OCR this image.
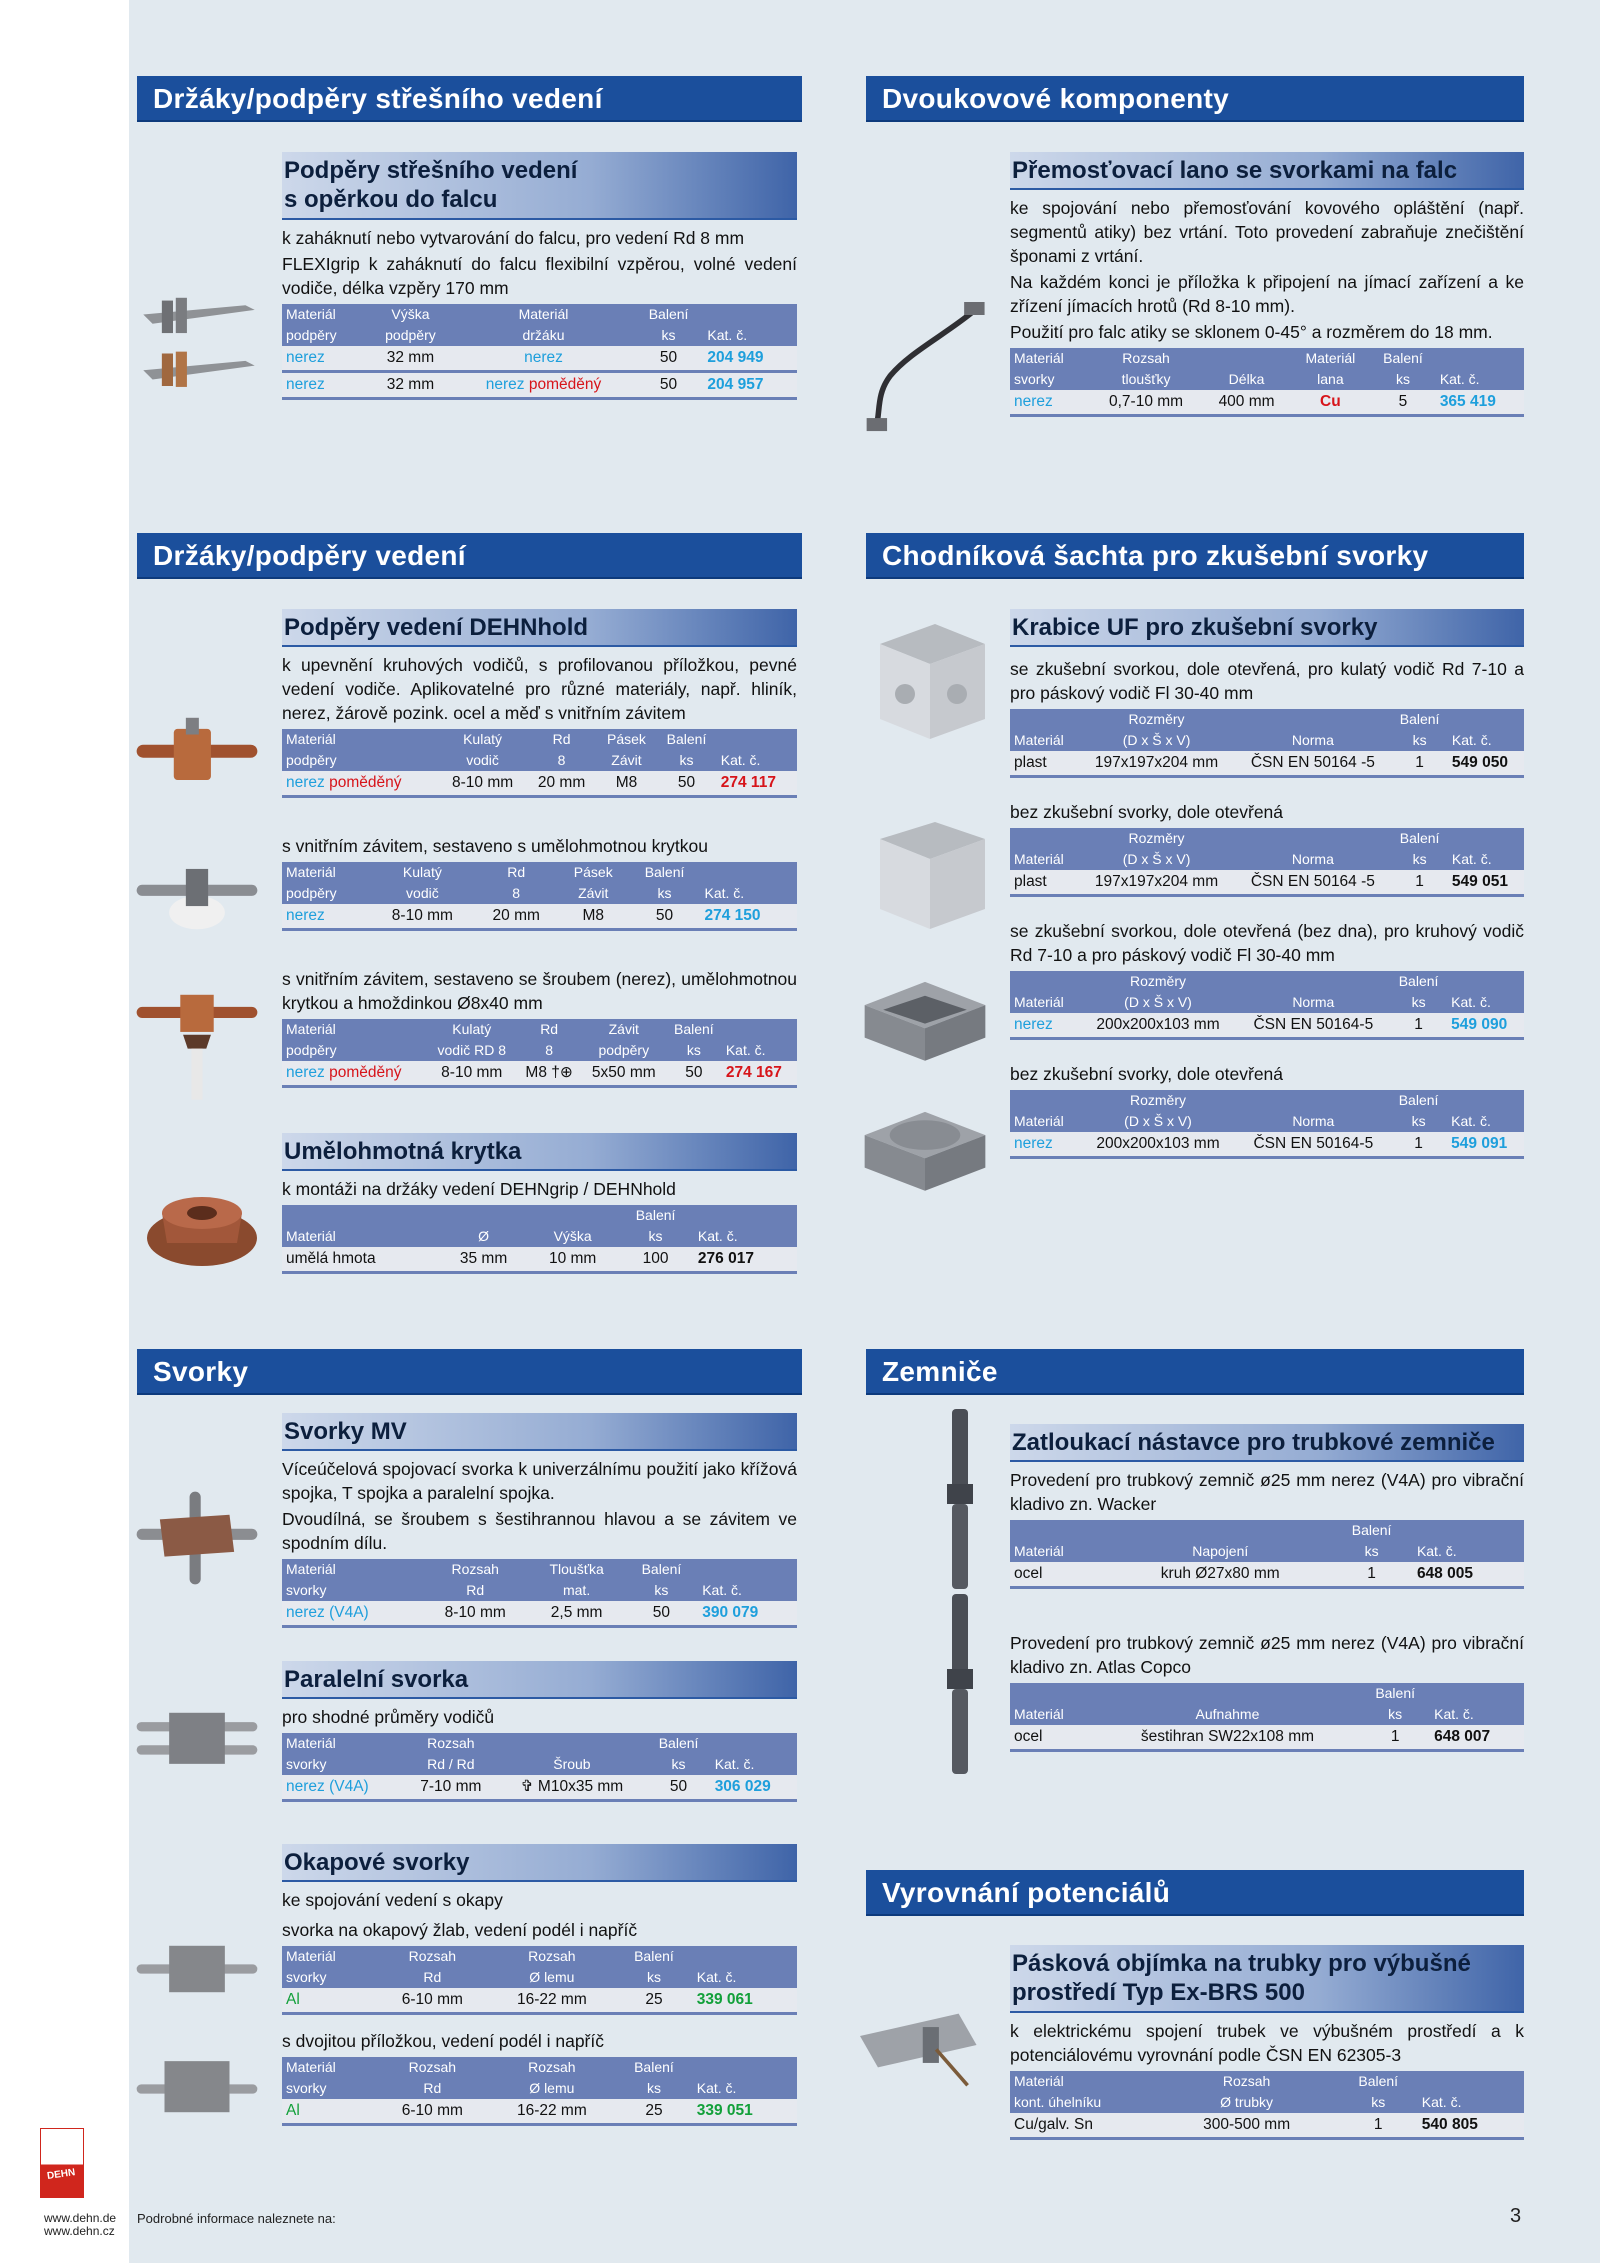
Držáky/podpěry střešního vedení
Podpěry střešního vedení
s opěrkou do falcu
k zaháknutí nebo vytvarování do falcu, pro vedení Rd 8 mm
FLEXIgrip k zaháknutí do falcu flexibilní vzpěrou, volné vedení vodiče, délka vzpěry 170 mm
Materiál	Výška	Materiál	Balení	
podpěry	podpěry	držáku	ks	Kat. č.
nerez	32 mm	nerez	50	204 949
nerez	32 mm	nerez poměděný	50	204 957
Držáky/podpěry vedení
Podpěry vedení DEHNhold
k upevnění kruhových vodičů, s profilovanou příložkou, pevné vedení vodiče. Aplikovatelné pro různé materiály, např. hliník, nerez, žárově pozink. ocel a měď s vnitřním závitem
Materiál	Kulatý	Rd	Pásek	Balení	
podpěry	vodič	8	Závit	ks	Kat. č.
nerez poměděný	8-10 mm	20 mm	M8	50	274 117
s vnitřním závitem, sestaveno s umělohmotnou krytkou
Materiál	Kulatý	Rd	Pásek	Balení	
podpěry	vodič	8	Závit	ks	Kat. č.
nerez	8-10 mm	20 mm	M8	50	274 150
s vnitřním závitem, sestaveno se šroubem (nerez), umělohmotnou krytkou a hmoždinkou Ø8x40 mm
Materiál	Kulatý	Rd	Závit	Balení	
podpěry	vodič RD 8	8	podpěry	ks	Kat. č.
nerez poměděný	8-10 mm	M8 †⊕	5x50 mm	50	274 167
Umělohmotná krytka
k montáži na držáky vedení DEHNgrip / DEHNhold
			Balení	
Materiál	Ø	Výška	ks	Kat. č.
umělá hmota	35 mm	10 mm	100	276 017
Svorky
Svorky MV
Víceúčelová spojovací svorka k univerzálnímu použití jako křížová spojka, T spojka a paralelní spojka.
Dvoudílná, se šroubem s šestihrannou hlavou a se závitem ve spodním dílu.
Materiál	Rozsah	Tloušťka	Balení	
svorky	Rd	mat.	ks	Kat. č.
nerez (V4A)	8-10 mm	2,5 mm	50	390 079
Paralelní svorka
pro shodné průměry vodičů
Materiál	Rozsah		Balení	
svorky	Rd / Rd	Šroub	ks	Kat. č.
nerez (V4A)	7-10 mm	✞ M10x35 mm	50	306 029
Okapové svorky
ke spojování vedení s okapy
svorka na okapový žlab, vedení podél i napříč
Materiál	Rozsah	Rozsah	Balení	
svorky	Rd	Ø lemu	ks	Kat. č.
Al	6-10 mm	16-22 mm	25	339 061
s dvojitou příložkou, vedení podél i napříč
Materiál	Rozsah	Rozsah	Balení	
svorky	Rd	Ø lemu	ks	Kat. č.
Al	6-10 mm	16-22 mm	25	339 051
Dvoukovové komponenty
Přemosťovací lano se svorkami na falc
ke spojování nebo přemosťování kovového opláštění (např. segmentů atiky) bez vrtání. Toto provedení zabraňuje znečištění šponami z vrtání.
Na každém konci je příložka k připojení na jímací zařízení a ke zřízení jímacích hrotů (Rd 8-10 mm).
Použití pro falc atiky se sklonem 0-45° a rozměrem do 18 mm.
Materiál	Rozsah		Materiál	Balení	
svorky	tloušťky	Délka	lana	ks	Kat. č.
nerez	0,7-10 mm	400 mm	Cu	5	365 419
Chodníková šachta pro zkušební svorky
Krabice UF pro zkušební svorky
se zkušební svorkou, dole otevřená, pro kulatý vodič Rd 7-10 a pro páskový vodič Fl 30-40 mm
	Rozměry		Balení	
Materiál	(D x Š x V)	Norma	ks	Kat. č.
plast	197x197x204 mm	ČSN EN 50164 -5	1	549 050
bez zkušební svorky, dole otevřená
	Rozměry		Balení	
Materiál	(D x Š x V)	Norma	ks	Kat. č.
plast	197x197x204 mm	ČSN EN 50164 -5	1	549 051
se zkušební svorkou, dole otevřená (bez dna), pro kruhový vodič Rd 7-10 a pro páskový vodič Fl 30-40 mm
	Rozměry		Balení	
Materiál	(D x Š x V)	Norma	ks	Kat. č.
nerez	200x200x103 mm	ČSN EN 50164-5	1	549 090
bez zkušební svorky, dole otevřená
	Rozměry		Balení	
Materiál	(D x Š x V)	Norma	ks	Kat. č.
nerez	200x200x103 mm	ČSN EN 50164-5	1	549 091
Zemniče
Zatloukací nástavce pro trubkové zemniče
Provedení pro trubkový zemnič ø25 mm nerez (V4A) pro vibrační kladivo zn. Wacker
		Balení	
Materiál	Napojení	ks	Kat. č.
ocel	kruh Ø27x80 mm	1	648 005
Provedení pro trubkový zemnič ø25 mm nerez (V4A) pro vibrační kladivo zn. Atlas Copco
		Balení	
Materiál	Aufnahme	ks	Kat. č.
ocel	šestihran SW22x108 mm	1	648 007
Vyrovnání potenciálů
Pásková objímka na trubky pro výbušné
prostředí Typ Ex-BRS 500
k elektrickému spojení trubek ve výbušném prostředí a k potenciálovému vyrovnání podle ČSN EN 62305-3
Materiál	Rozsah		Balení	
kont. úhelníku	Ø trubky		ks	Kat. č.
Cu/galv. Sn	300-500 mm		1	540 805
DEHN
www.dehn.de
www.dehn.cz
Podrobné informace naleznete na:	3
